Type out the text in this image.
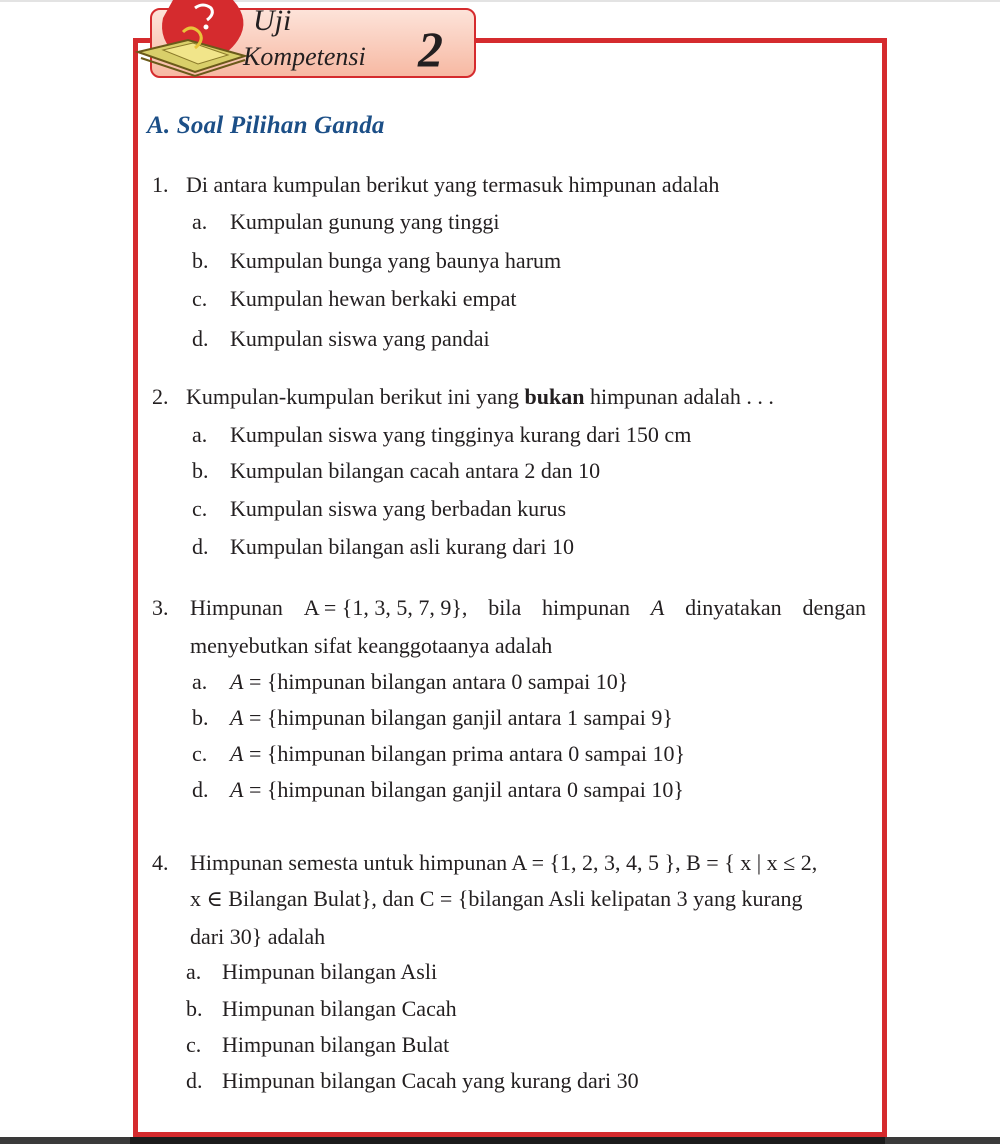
Uji
Kompetensi 2
A. Soal Pilihan Ganda
1. Di antara kumpulan berikut yang termasuk himpunan adalah
a. Kumpulan gunung yang tinggi
b. Kumpulan bunga yang baunya harum
c. Kumpulan hewan berkaki empat
d. Kumpulan siswa yang pandai
2. Kumpulan-kumpulan berikut ini yang bukan himpunan adalah . . .
a. Kumpulan siswa yang tingginya kurang dari 150 cm
b. Kumpulan bilangan cacah antara 2 dan 10
c. Kumpulan siswa yang berbadan kurus
d. Kumpulan bilangan asli kurang dari 10
3. Himpunan A = {1, 3, 5, 7, 9}, bila himpunan A dinyatakan dengan
menyebutkan sifat keanggotaanya adalah
a. A = {himpunan bilangan antara 0 sampai 10}
b. A = {himpunan bilangan ganjil antara 1 sampai 9}
c. A = {himpunan bilangan prima antara 0 sampai 10}
d. A = {himpunan bilangan ganjil antara 0 sampai 10}
4. Himpunan semesta untuk himpunan A = {1, 2, 3, 4, 5 }, B = { x | x ≤ 2,
x ∈ Bilangan Bulat}, dan C = {bilangan Asli kelipatan 3 yang kurang
dari 30} adalah
a. Himpunan bilangan Asli
b. Himpunan bilangan Cacah
c. Himpunan bilangan Bulat
d. Himpunan bilangan Cacah yang kurang dari 30
